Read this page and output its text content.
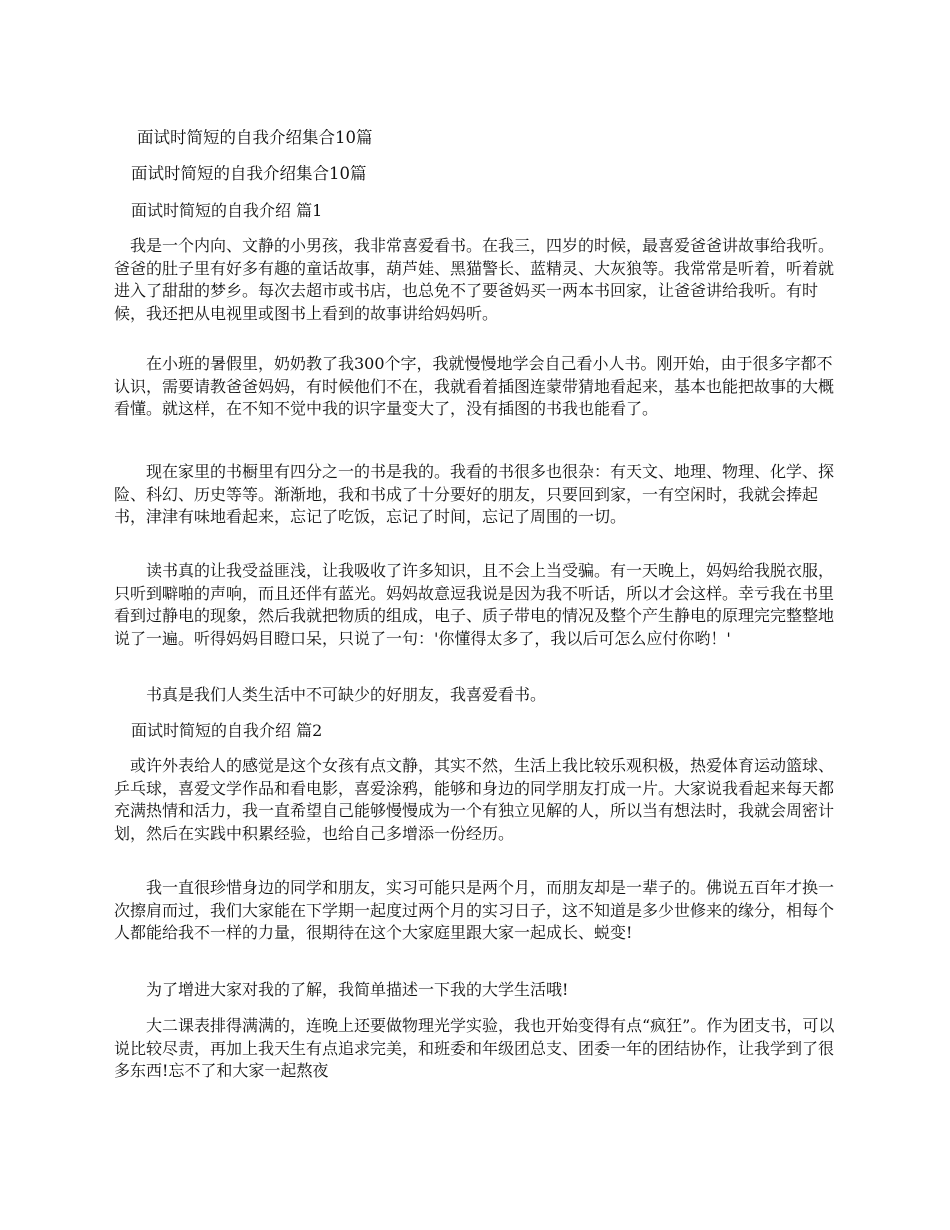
面试时简短的自我介绍集合10篇
面试时简短的自我介绍集合10篇
面试时简短的自我介绍 篇1
我是一个内向、文静的小男孩，我非常喜爱看书。在我三，四岁的时候，最喜爱爸爸讲故事给我听。爸爸的肚子里有好多有趣的童话故事，葫芦娃、黑猫警长、蓝精灵、大灰狼等。我常常是听着，听着就进入了甜甜的梦乡。每次去超市或书店，也总免不了要爸妈买一两本书回家，让爸爸讲给我听。有时候，我还把从电视里或图书上看到的故事讲给妈妈听。
在小班的暑假里，奶奶教了我300个字，我就慢慢地学会自己看小人书。刚开始，由于很多字都不认识，需要请教爸爸妈妈，有时候他们不在，我就看着插图连蒙带猜地看起来，基本也能把故事的大概看懂。就这样，在不知不觉中我的识字量变大了，没有插图的书我也能看了。
现在家里的书橱里有四分之一的书是我的。我看的书很多也很杂：有天文、地理、物理、化学、探险、科幻、历史等等。渐渐地，我和书成了十分要好的朋友，只要回到家，一有空闲时，我就会捧起书，津津有味地看起来，忘记了吃饭，忘记了时间，忘记了周围的一切。
读书真的让我受益匪浅，让我吸收了许多知识，且不会上当受骗。有一天晚上，妈妈给我脱衣服，只听到噼啪的声响，而且还伴有蓝光。妈妈故意逗我说是因为我不听话，所以才会这样。幸亏我在书里看到过静电的现象，然后我就把物质的组成，电子、质子带电的情况及整个产生静电的原理完完整整地说了一遍。听得妈妈目瞪口呆，只说了一句：'你懂得太多了，我以后可怎么应付你哟！'
书真是我们人类生活中不可缺少的好朋友，我喜爱看书。
面试时简短的自我介绍 篇2
或许外表给人的感觉是这个女孩有点文静，其实不然，生活上我比较乐观积极，热爱体育运动篮球、乒乓球，喜爱文学作品和看电影，喜爱涂鸦，能够和身边的同学朋友打成一片。大家说我看起来每天都充满热情和活力，我一直希望自己能够慢慢成为一个有独立见解的人，所以当有想法时，我就会周密计划，然后在实践中积累经验，也给自己多增添一份经历。
我一直很珍惜身边的同学和朋友，实习可能只是两个月，而朋友却是一辈子的。佛说五百年才换一次擦肩而过，我们大家能在下学期一起度过两个月的实习日子，这不知道是多少世修来的缘分，相每个人都能给我不一样的力量，很期待在这个大家庭里跟大家一起成长、蜕变!
为了增进大家对我的了解，我简单描述一下我的大学生活哦!
大二课表排得满满的，连晚上还要做物理光学实验，我也开始变得有点“疯狂”。作为团支书，可以说比较尽责，再加上我天生有点追求完美，和班委和年级团总支、团委一年的团结协作，让我学到了很多东西!忘不了和大家一起熬夜
